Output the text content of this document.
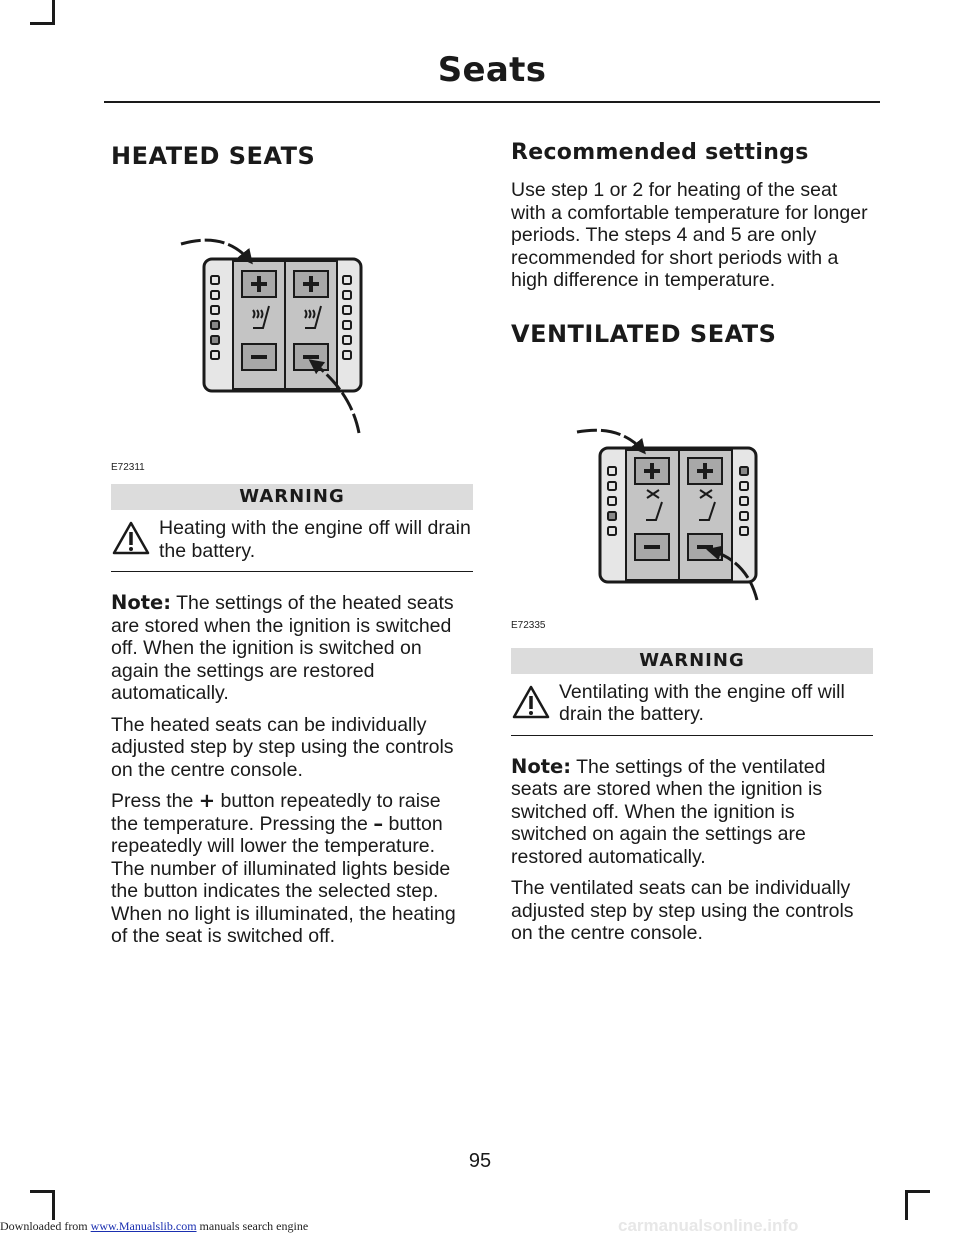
Seats
HEATED SEATS
E72311
WARNING

Heating with the engine off will drain the battery.

Note: The settings of the heated seats are stored when the ignition is switched off. When the ignition is switched on again the settings are restored automatically.

The heated seats can be individually adjusted step by step using the controls on the centre console.

Press the + button repeatedly to raise the temperature. Pressing the – button repeatedly will lower the temperature. The number of illuminated lights beside the button indicates the selected step. When no light is illuminated, the heating of the seat is switched off.

Recommended settings

Use step 1 or 2 for heating of the seat with a comfortable temperature for longer periods. The steps 4 and 5 are only recommended for short periods with a high difference in temperature.

VENTILATED SEATS
E72335
WARNING

Ventilating with the engine off will drain the battery.

Note: The settings of the ventilated seats are stored when the ignition is switched off. When the ignition is switched on again the settings are restored automatically.

The ventilated seats can be individually adjusted step by step using the controls on the centre console.

95
Downloaded from www.Manualslib.com manuals search engine	carmanualsonline.info
